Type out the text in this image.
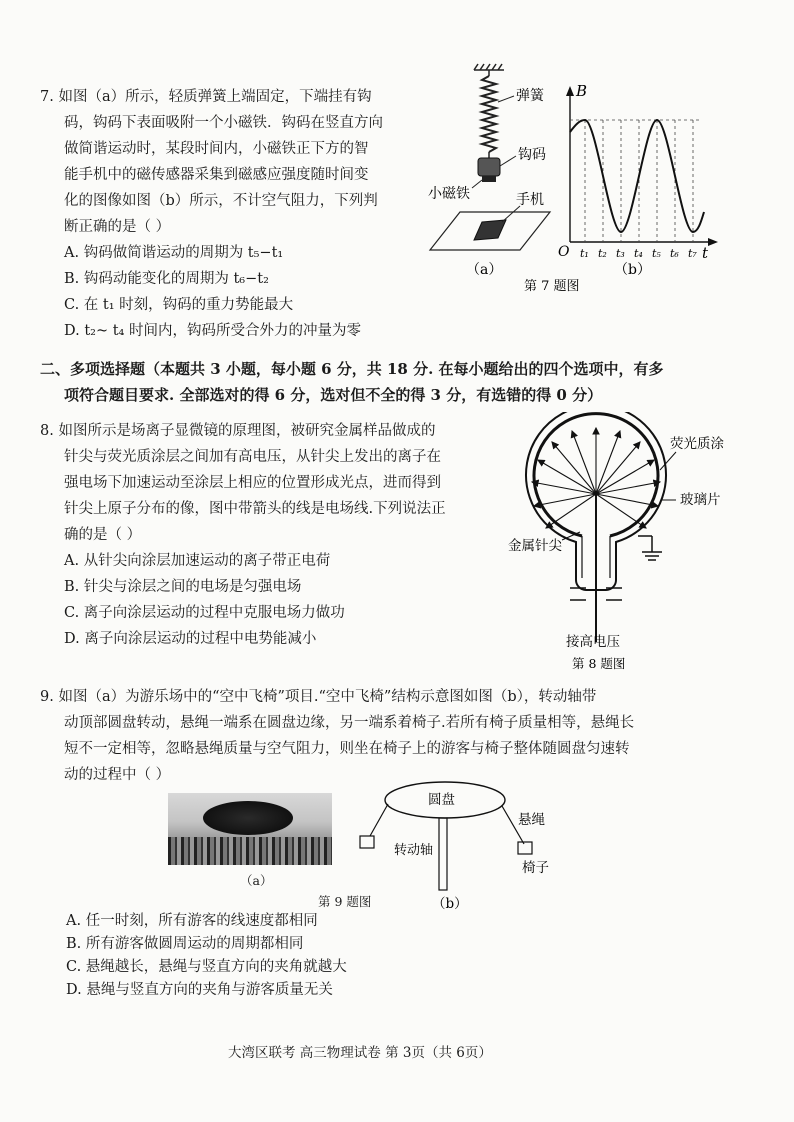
7. 如图（a）所示，轻质弹簧上端固定，下端挂有钩
码，钩码下表面吸附一个小磁铁．钩码在竖直方向
做简谐运动时，某段时间内，小磁铁正下方的智
能手机中的磁传感器采集到磁感应强度随时间变
化的图像如图（b）所示，不计空气阻力，下列判
断正确的是（ ）
A. 钩码做简谐运动的周期为 t₅−t₁
B. 钩码动能变化的周期为 t₆−t₂
C. 在 t₁ 时刻，钩码的重力势能最大
D. t₂~ t₄ 时间内，钩码所受合外力的冲量为零
弹簧
钩码
小磁铁	手机
（a）
B
t
O t₁ t₂ t₃ t₄ t₅ t₆ t₇
（b）
第 7 题图
二、多项选择题（本题共 3 小题，每小题 6 分，共 18 分. 在每小题给出的四个选项中，有多
项符合题目要求. 全部选对的得 6 分，选对但不全的得 3 分，有选错的得 0 分）
8. 如图所示是场离子显微镜的原理图，被研究金属样品做成的
针尖与荧光质涂层之间加有高电压，从针尖上发出的离子在
强电场下加速运动至涂层上相应的位置形成光点，进而得到
针尖上原子分布的像，图中带箭头的线是电场线.下列说法正
确的是（ ）
A. 从针尖向涂层加速运动的离子带正电荷
B. 针尖与涂层之间的电场是匀强电场
C. 离子向涂层运动的过程中克服电场力做功
D. 离子向涂层运动的过程中电势能减小
荧光质涂
玻璃片
金属针尖
接高电压
第 8 题图
9. 如图（a）为游乐场中的“空中飞椅”项目.“空中飞椅”结构示意图如图（b），转动轴带
动顶部圆盘转动，悬绳一端系在圆盘边缘，另一端系着椅子.若所有椅子质量相等，悬绳长
短不一定相等，忽略悬绳质量与空气阻力，则坐在椅子上的游客与椅子整体随圆盘匀速转
动的过程中（ ）
（a）
第 9 题图
圆盘
转动轴
悬绳
椅子
（b）
A. 任一时刻，所有游客的线速度都相同
B. 所有游客做圆周运动的周期都相同
C. 悬绳越长，悬绳与竖直方向的夹角就越大
D. 悬绳与竖直方向的夹角与游客质量无关
大湾区联考 高三物理试卷 第 3页（共 6页）
